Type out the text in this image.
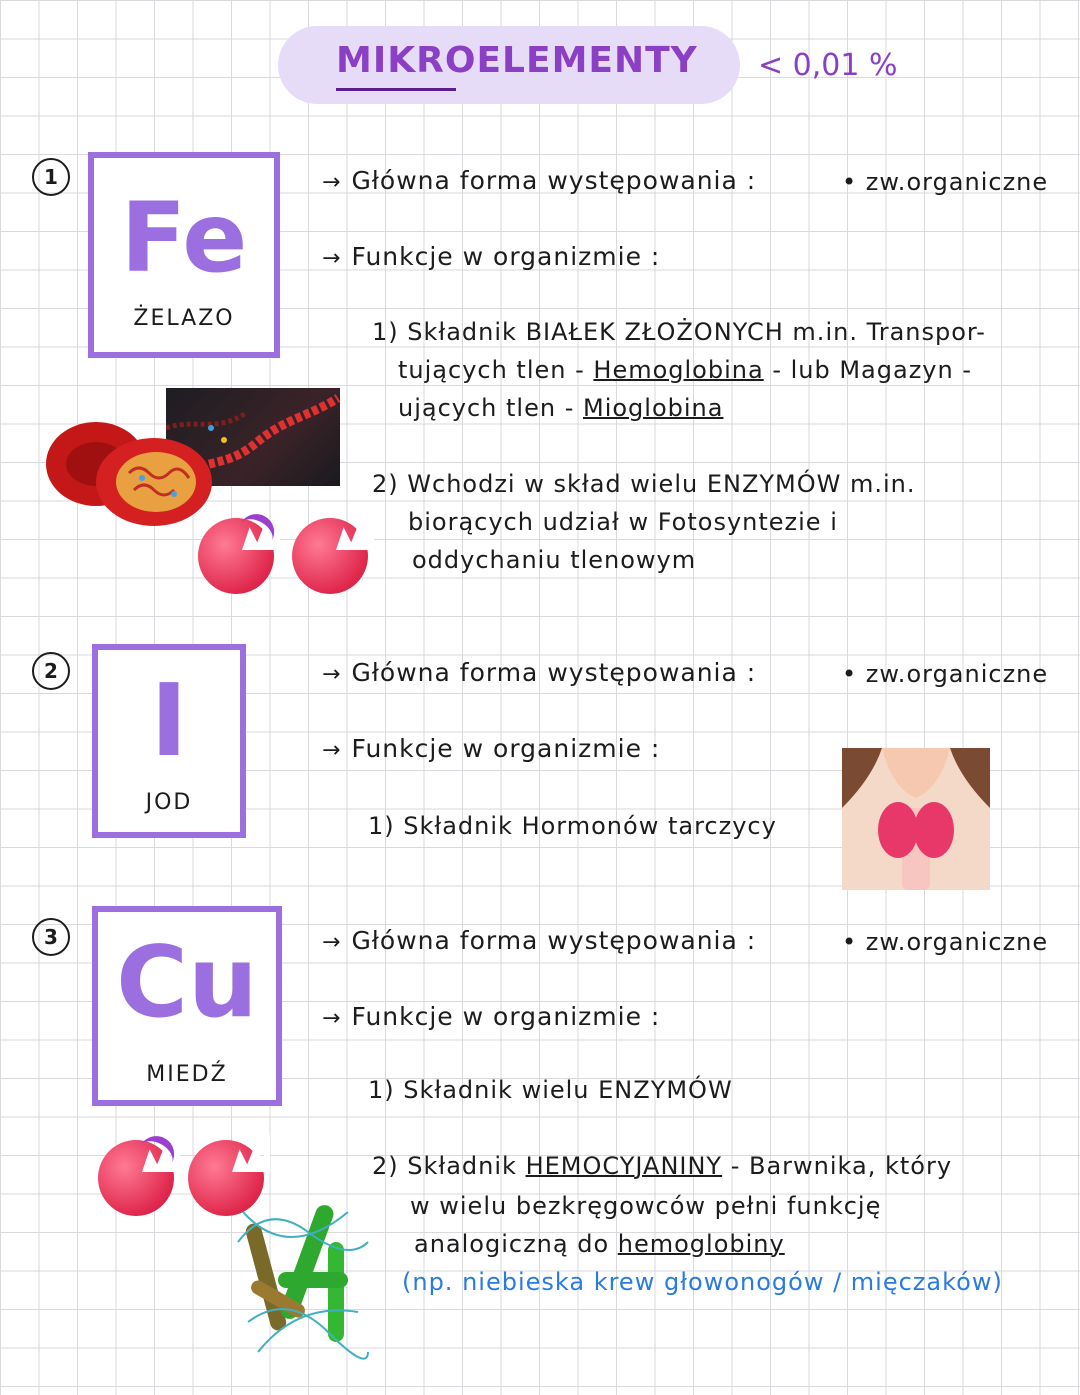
MIKROELEMENTY < 0,01 %
1
Fe
ŻELAZO
→ Główna forma występowania :	• zw.organiczne
→ Funkcje w organizmie :
1) Składnik BIAŁEK ZŁOŻONYCH m.in. Transpor-
tujących tlen - Hemoglobina - lub Magazyn -
ujących tlen - Mioglobina
2) Wchodzi w skład wielu ENZYMÓW m.in.
biorących udział w Fotosyntezie i
oddychaniu tlenowym
2 I
JOD
→ Główna forma występowania :	• zw.organiczne
→ Funkcje w organizmie :
1) Składnik Hormonów tarczycy
3 Cu
MIEDŹ
→ Główna forma występowania :	• zw.organiczne
→ Funkcje w organizmie :
1) Składnik wielu ENZYMÓW
2) Składnik HEMOCYJANINY - Barwnika, który
w wielu bezkręgowców pełni funkcję
analogiczną do hemoglobiny
(np. niebieska krew głowonogów / mięczaków)
